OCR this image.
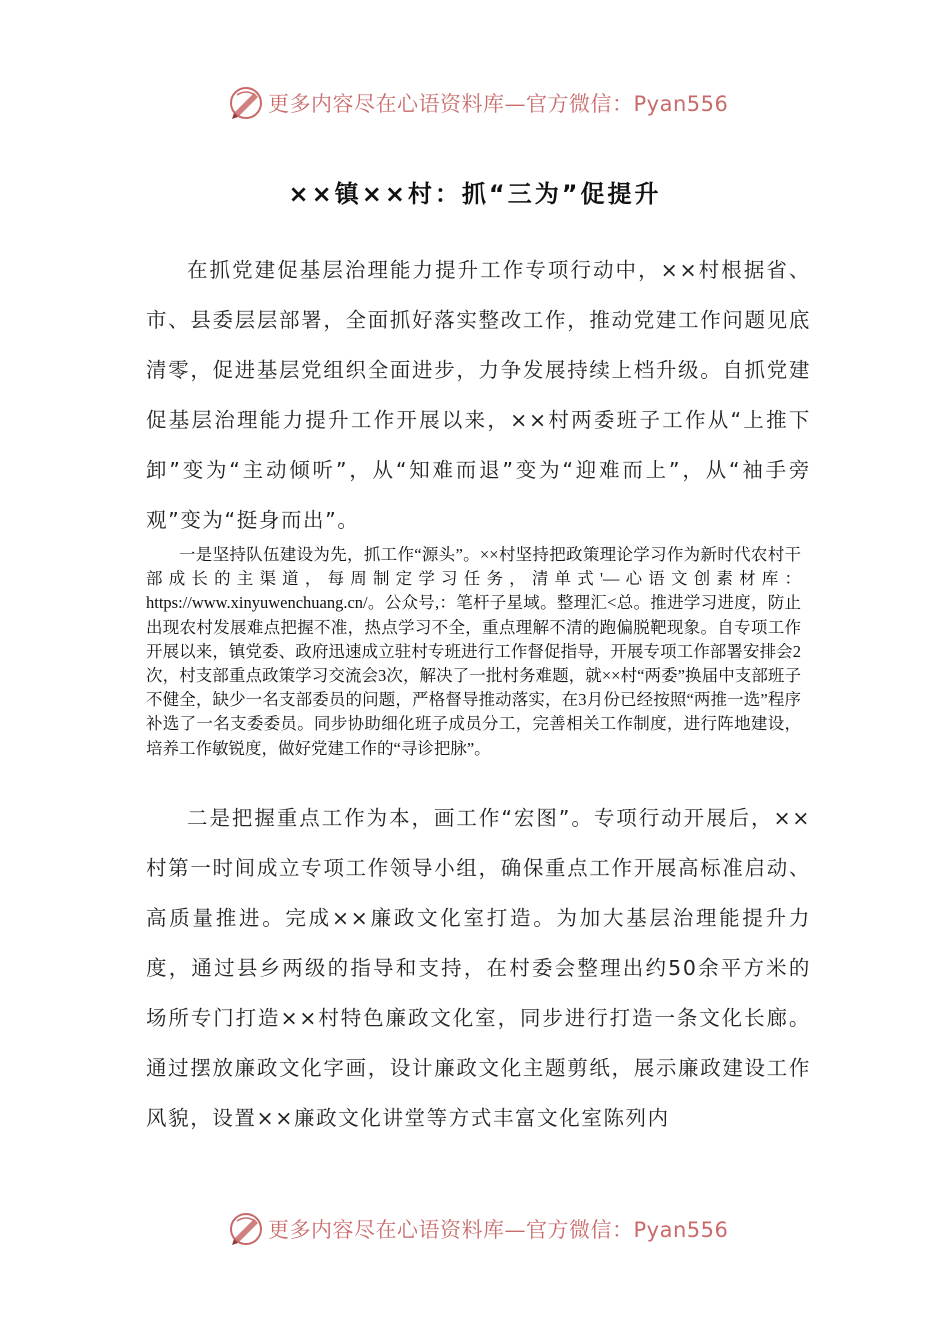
更多内容尽在心语资料库—官方微信：Pyan556
××镇××村：抓“三为”促提升
在抓党建促基层治理能力提升工作专项行动中，××村根据省、市、县委层层部署，全面抓好落实整改工作，推动党建工作问题见底清零，促进基层党组织全面进步，力争发展持续上档升级。自抓党建促基层治理能力提升工作开展以来，××村两委班子工作从“上推下卸”变为“主动倾听”，从“知难而退”变为“迎难而上”，从“袖手旁观”变为“挺身而出”。
一是坚持队伍建设为先，抓工作“源头”。××村坚持把政策理论学习作为新时代农村干部成长的主渠道，每周制定学习任务，清单式'—心语文创素材库：https://www.xinyuwenchuang.cn/。公众号,：笔杆子星域。整理汇<总。推进学习进度，防止出现农村发展难点把握不准，热点学习不全，重点理解不清的跑偏脱靶现象。自专项工作开展以来，镇党委、政府迅速成立驻村专班进行工作督促指导，开展专项工作部署安排会2次，村支部重点政策学习交流会3次，解决了一批村务难题，就××村“两委”换届中支部班子不健全，缺少一名支部委员的问题，严格督导推动落实，在3月份已经按照“两推一选”程序补选了一名支委委员。同步协助细化班子成员分工，完善相关工作制度，进行阵地建设，培养工作敏锐度，做好党建工作的“寻诊把脉”。
二是把握重点工作为本，画工作“宏图”。专项行动开展后，××村第一时间成立专项工作领导小组，确保重点工作开展高标准启动、高质量推进。完成××廉政文化室打造。为加大基层治理能提升力度，通过县乡两级的指导和支持，在村委会整理出约50余平方米的场所专门打造××村特色廉政文化室，同步进行打造一条文化长廊。通过摆放廉政文化字画，设计廉政文化主题剪纸，展示廉政建设工作风貌，设置××廉政文化讲堂等方式丰富文化室陈列内
更多内容尽在心语资料库—官方微信：Pyan556
